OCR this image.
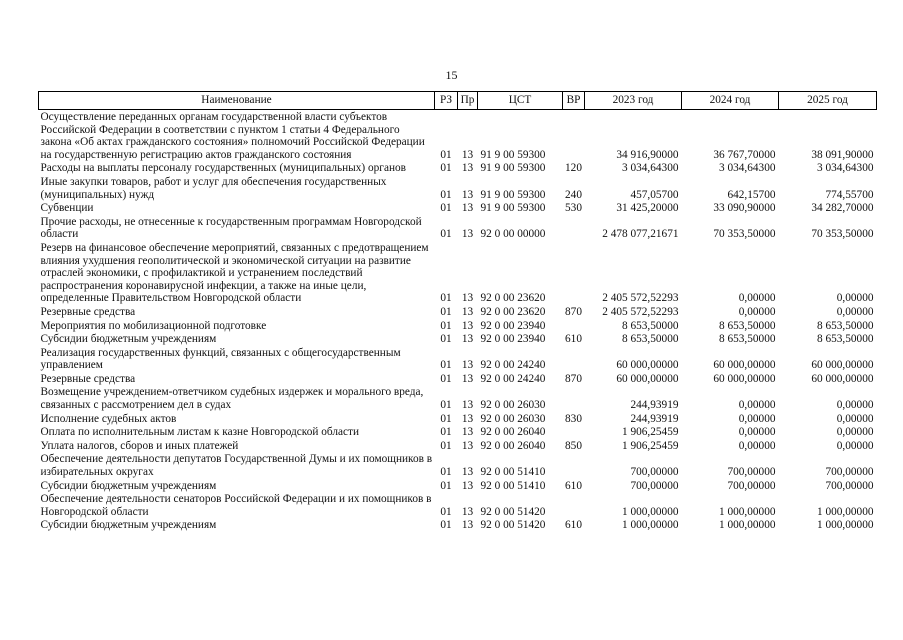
15
Наименование	РЗ	Пр	ЦСТ	ВР	2023 год	2024 год	2025 год
Осуществление переданных органам государственной власти субъектов Российской Федерации в соответствии с пунктом 1 статьи 4 Федерального закона «Об актах гражданского состояния» полномочий Российской Федерации на государственную регистрацию актов гражданского состояния	01	13	91 9 00 59300		34 916,90000	36 767,70000	38 091,90000
Расходы на выплаты персоналу государственных (муниципальных) органов	01	13	91 9 00 59300	120	3 034,64300	3 034,64300	3 034,64300
Иные закупки товаров, работ и услуг для обеспечения государственных (муниципальных) нужд	01	13	91 9 00 59300	240	457,05700	642,15700	774,55700
Субвенции	01	13	91 9 00 59300	530	31 425,20000	33 090,90000	34 282,70000
Прочие расходы, не отнесенные к государственным программам Новгородской области	01	13	92 0 00 00000		2 478 077,21671	70 353,50000	70 353,50000
Резерв на финансовое обеспечение мероприятий, связанных с предотвращением влияния ухудшения геополитической и экономической ситуации на развитие отраслей экономики, с профилактикой и устранением последствий распространения коронавирусной инфекции, а также на иные цели, определенные Правительством Новгородской области	01	13	92 0 00 23620		2 405 572,52293	0,00000	0,00000
Резервные средства	01	13	92 0 00 23620	870	2 405 572,52293	0,00000	0,00000
Мероприятия по мобилизационной подготовке	01	13	92 0 00 23940		8 653,50000	8 653,50000	8 653,50000
Субсидии бюджетным учреждениям	01	13	92 0 00 23940	610	8 653,50000	8 653,50000	8 653,50000
Реализация государственных функций, связанных с общегосударственным управлением	01	13	92 0 00 24240		60 000,00000	60 000,00000	60 000,00000
Резервные средства	01	13	92 0 00 24240	870	60 000,00000	60 000,00000	60 000,00000
Возмещение учреждением-ответчиком судебных издержек и морального вреда, связанных с рассмотрением дел в судах	01	13	92 0 00 26030		244,93919	0,00000	0,00000
Исполнение судебных актов	01	13	92 0 00 26030	830	244,93919	0,00000	0,00000
Оплата по исполнительным листам к казне Новгородской области	01	13	92 0 00 26040		1 906,25459	0,00000	0,00000
Уплата налогов, сборов и иных платежей	01	13	92 0 00 26040	850	1 906,25459	0,00000	0,00000
Обеспечение деятельности депутатов Государственной Думы и их помощников в избирательных округах	01	13	92 0 00 51410		700,00000	700,00000	700,00000
Субсидии бюджетным учреждениям	01	13	92 0 00 51410	610	700,00000	700,00000	700,00000
Обеспечение деятельности сенаторов Российской Федерации и их помощников в Новгородской области	01	13	92 0 00 51420		1 000,00000	1 000,00000	1 000,00000
Субсидии бюджетным учреждениям	01	13	92 0 00 51420	610	1 000,00000	1 000,00000	1 000,00000
